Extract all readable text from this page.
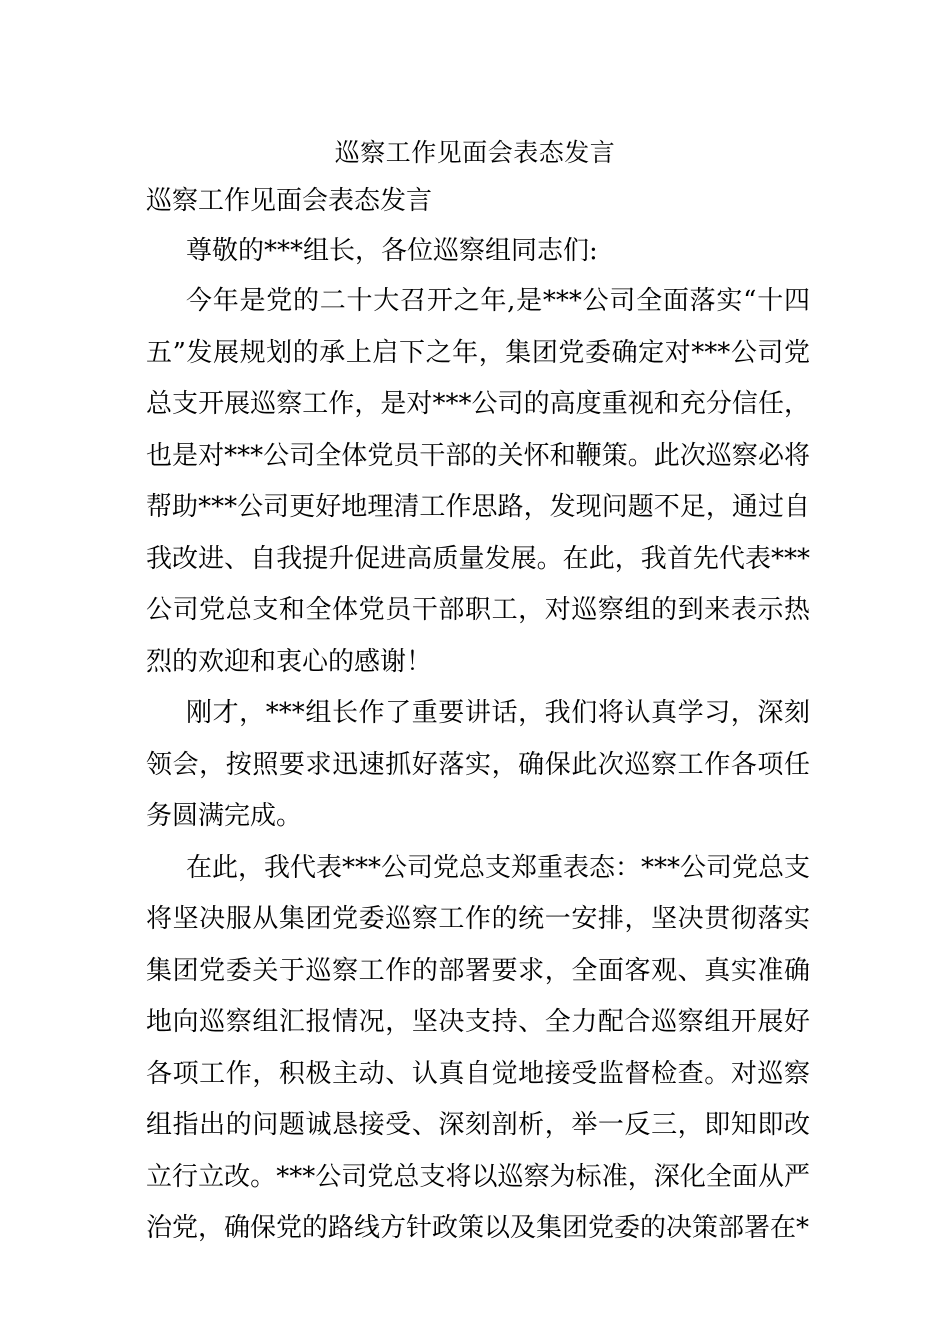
巡察工作见面会表态发言
巡察工作见面会表态发言

尊敬的***组长，各位巡察组同志们:

今年是党的二十大召开之年,是***公司全面落实“十四五”发展规划的承上启下之年，集团党委确定对***公司党总支开展巡察工作，是对***公司的高度重视和充分信任，也是对***公司全体党员干部的关怀和鞭策。此次巡察必将帮助***公司更好地理清工作思路，发现问题不足，通过自我改进、自我提升促进高质量发展。在此，我首先代表***公司党总支和全体党员干部职工，对巡察组的到来表示热烈的欢迎和衷心的感谢！

刚才，***组长作了重要讲话，我们将认真学习，深刻领会，按照要求迅速抓好落实，确保此次巡察工作各项任务圆满完成。

在此，我代表***公司党总支郑重表态：***公司党总支将坚决服从集团党委巡察工作的统一安排，坚决贯彻落实集团党委关于巡察工作的部署要求，全面客观、真实准确地向巡察组汇报情况，坚决支持、全力配合巡察组开展好各项工作，积极主动、认真自觉地接受监督检查。对巡察组指出的问题诚恳接受、深刻剖析，举一反三，即知即改立行立改。***公司党总支将以巡察为标准，深化全面从严治党，确保党的路线方针政策以及集团党委的决策部署在*
